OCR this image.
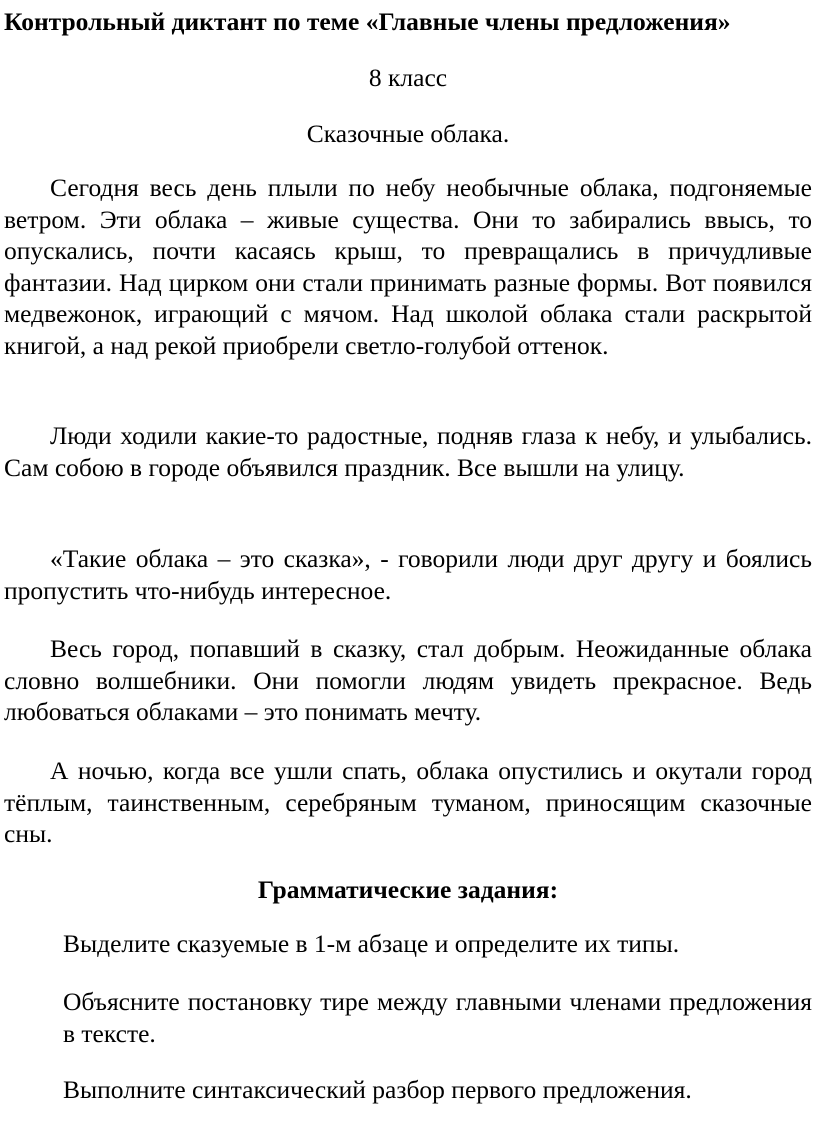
Контрольный диктант по теме «Главные члены предложения»
8 класс
Сказочные облака.

Сегодня весь день плыли по небу необычные облака, подгоняемые ветром. Эти облака – живые существа. Они то забирались ввысь, то опускались, почти касаясь крыш, то превращались в причудливые фантазии. Над цирком они стали принимать разные формы. Вот появился медвежонок, играющий с мячом. Над школой облака стали раскрытой книгой, а над рекой приобрели светло-голубой оттенок.

Люди ходили какие-то радостные, подняв глаза к небу, и улыбались. Сам собою в городе объявился праздник. Все вышли на улицу.

«Такие облака – это сказка», - говорили люди друг другу и боялись пропустить что-нибудь интересное.

Весь город, попавший в сказку, стал добрым. Неожиданные облака словно волшебники. Они помогли людям увидеть прекрасное. Ведь любоваться облаками – это понимать мечту.

А ночью, когда все ушли спать, облака опустились и окутали город тёплым, таинственным, серебряным туманом, приносящим сказочные сны.

Грамматические задания:

Выделите сказуемые в 1-м абзаце и определите их типы.

Объясните постановку тире между главными членами предложения в тексте.

Выполните синтаксический разбор первого предложения.
